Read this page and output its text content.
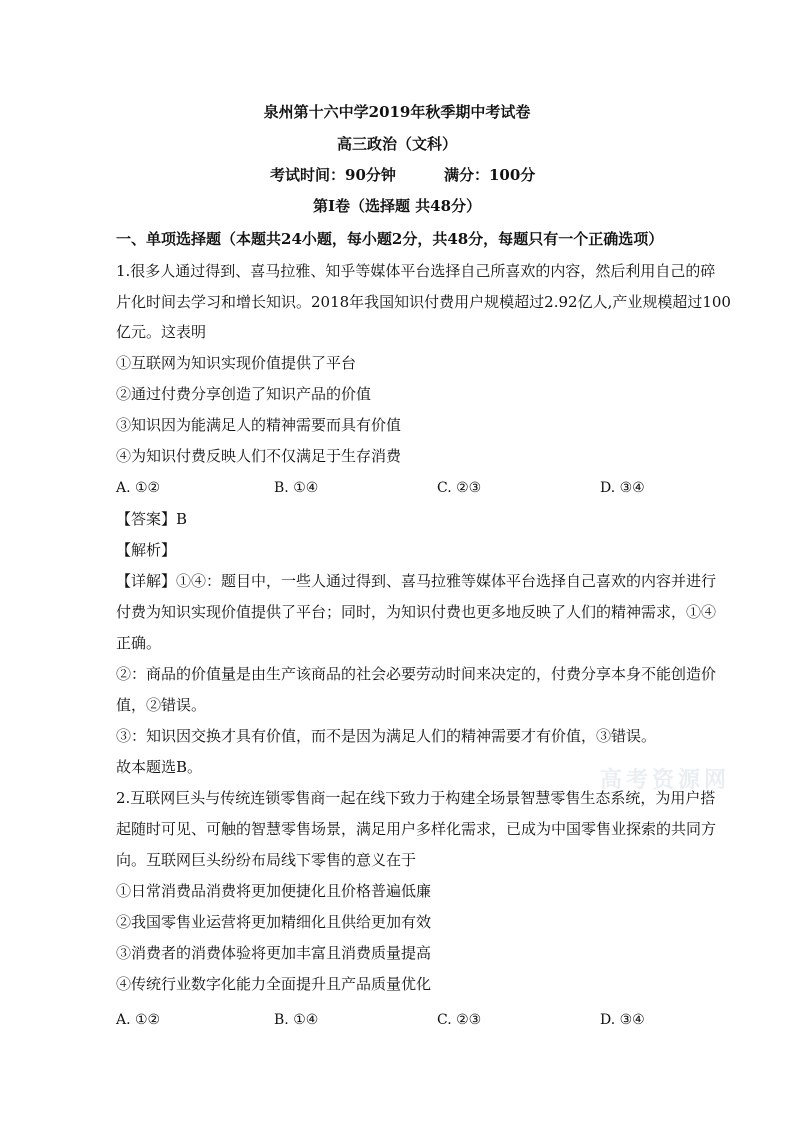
泉州第十六中学2019年秋季期中考试卷
高三政治（文科）
考试时间：90分钟	满分：100分
第Ⅰ卷（选择题 共48分）
一、单项选择题（本题共24小题，每小题2分，共48分，每题只有一个正确选项）
1.很多人通过得到、喜马拉雅、知乎等媒体平台选择自己所喜欢的内容，然后利用自己的碎
片化时间去学习和增长知识。2018年我国知识付费用户规模超过2.92亿人,产业规模超过100
亿元。这表明
①互联网为知识实现价值提供了平台
②通过付费分享创造了知识产品的价值
③知识因为能满足人的精神需要而具有价值
④为知识付费反映人们不仅满足于生存消费
A. ①②	B. ①④	C. ②③	D. ③④
【答案】B
【解析】
【详解】①④：题目中，一些人通过得到、喜马拉雅等媒体平台选择自己喜欢的内容并进行
付费为知识实现价值提供了平台；同时，为知识付费也更多地反映了人们的精神需求，①④
正确。
②：商品的价值量是由生产该商品的社会必要劳动时间来决定的，付费分享本身不能创造价
值，②错误。
③：知识因交换才具有价值，而不是因为满足人们的精神需要才有价值，③错误。
故本题选B。	高考资源网
2.互联网巨头与传统连锁零售商一起在线下致力于构建全场景智慧零售生态系统，为用户搭
起随时可见、可触的智慧零售场景，满足用户多样化需求，已成为中国零售业探索的共同方
向。互联网巨头纷纷布局线下零售的意义在于
①日常消费品消费将更加便捷化且价格普遍低廉
②我国零售业运营将更加精细化且供给更加有效
③消费者的消费体验将更加丰富且消费质量提高
④传统行业数字化能力全面提升且产品质量优化
A. ①②	B. ①④	C. ②③	D. ③④
